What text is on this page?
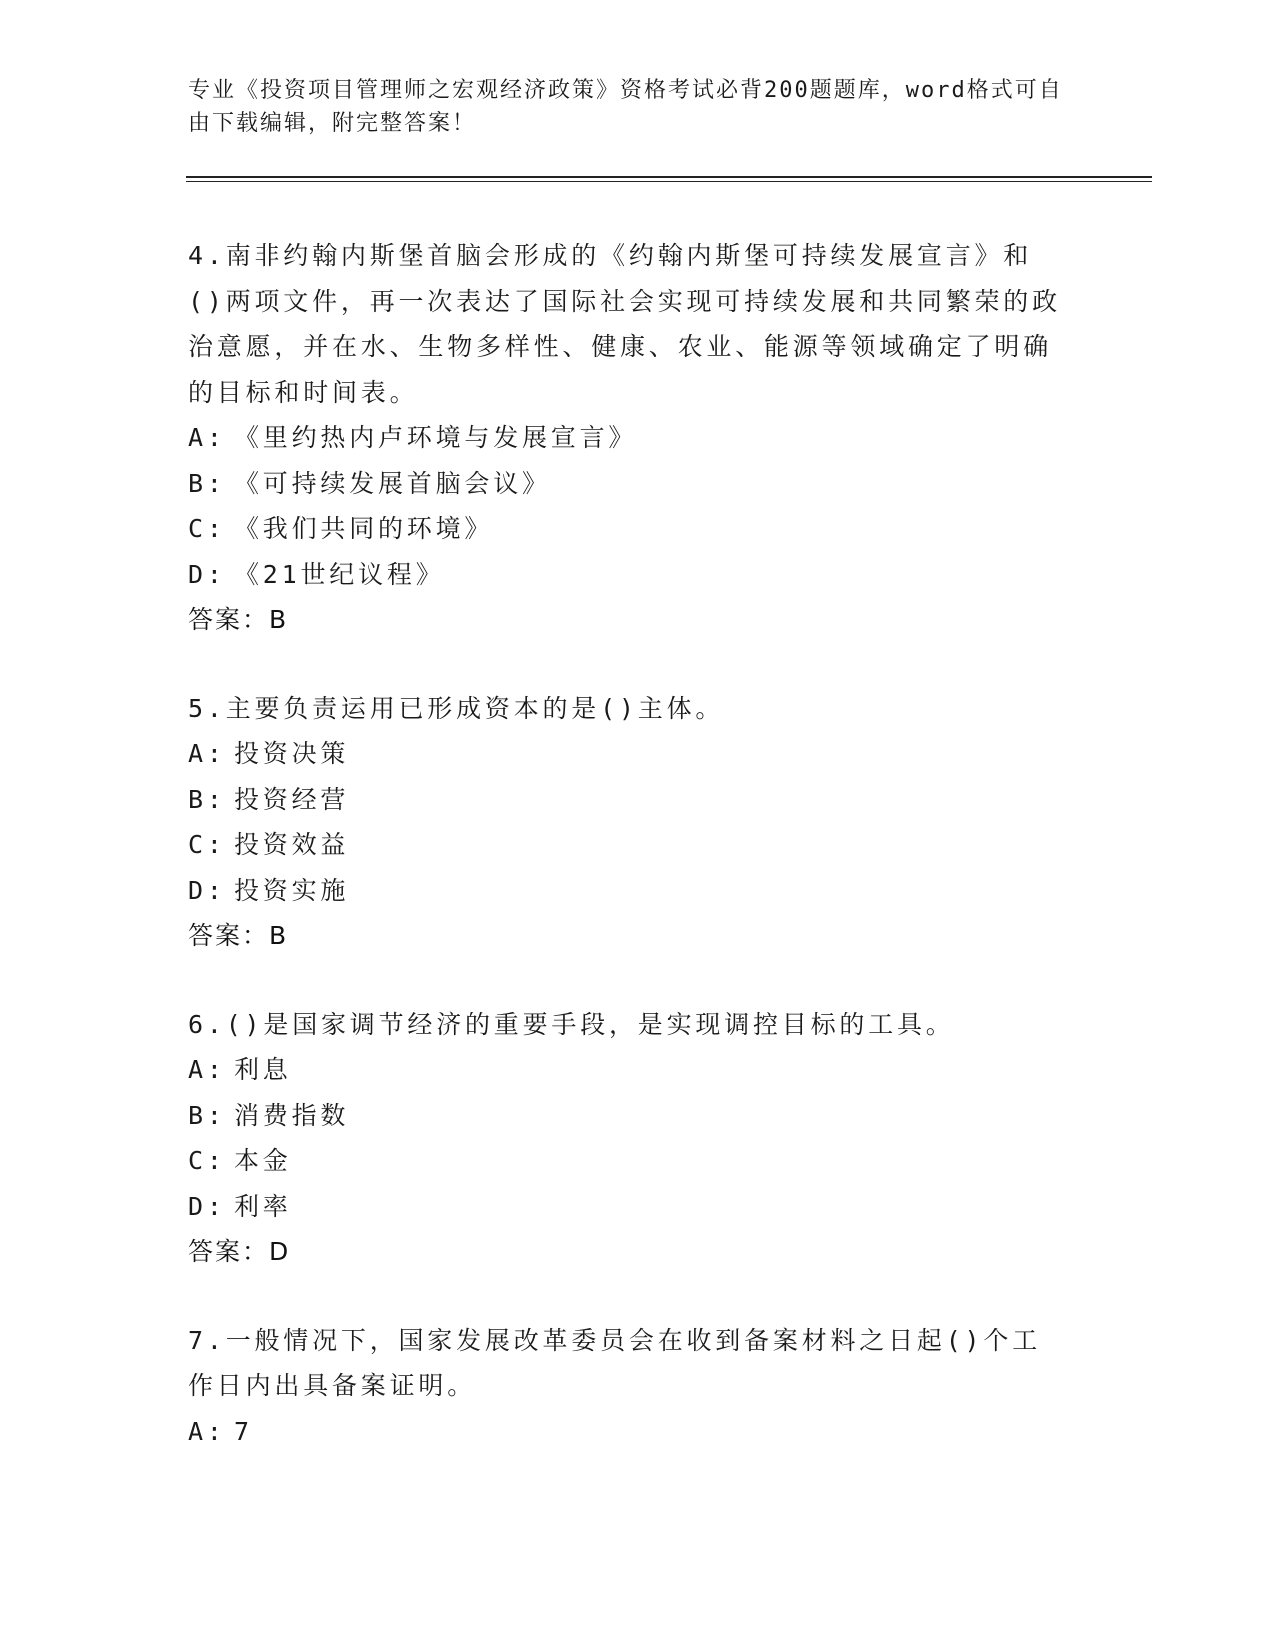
专业《投资项目管理师之宏观经济政策》资格考试必背200题题库，word格式可自由下载编辑，附完整答案！

4.南非约翰内斯堡首脑会形成的《约翰内斯堡可持续发展宣言》和()两项文件，再一次表达了国际社会实现可持续发展和共同繁荣的政治意愿，并在水、生物多样性、健康、农业、能源等领域确定了明确的目标和时间表。

A: 《里约热内卢环境与发展宣言》
B: 《可持续发展首脑会议》
C: 《我们共同的环境》
D: 《21世纪议程》
答案：B

5.主要负责运用已形成资本的是()主体。

A: 投资决策
B: 投资经营
C: 投资效益
D: 投资实施
答案：B

6.()是国家调节经济的重要手段，是实现调控目标的工具。

A: 利息
B: 消费指数
C: 本金
D: 利率
答案：D

7.一般情况下，国家发展改革委员会在收到备案材料之日起()个工作日内出具备案证明。

A: 7
